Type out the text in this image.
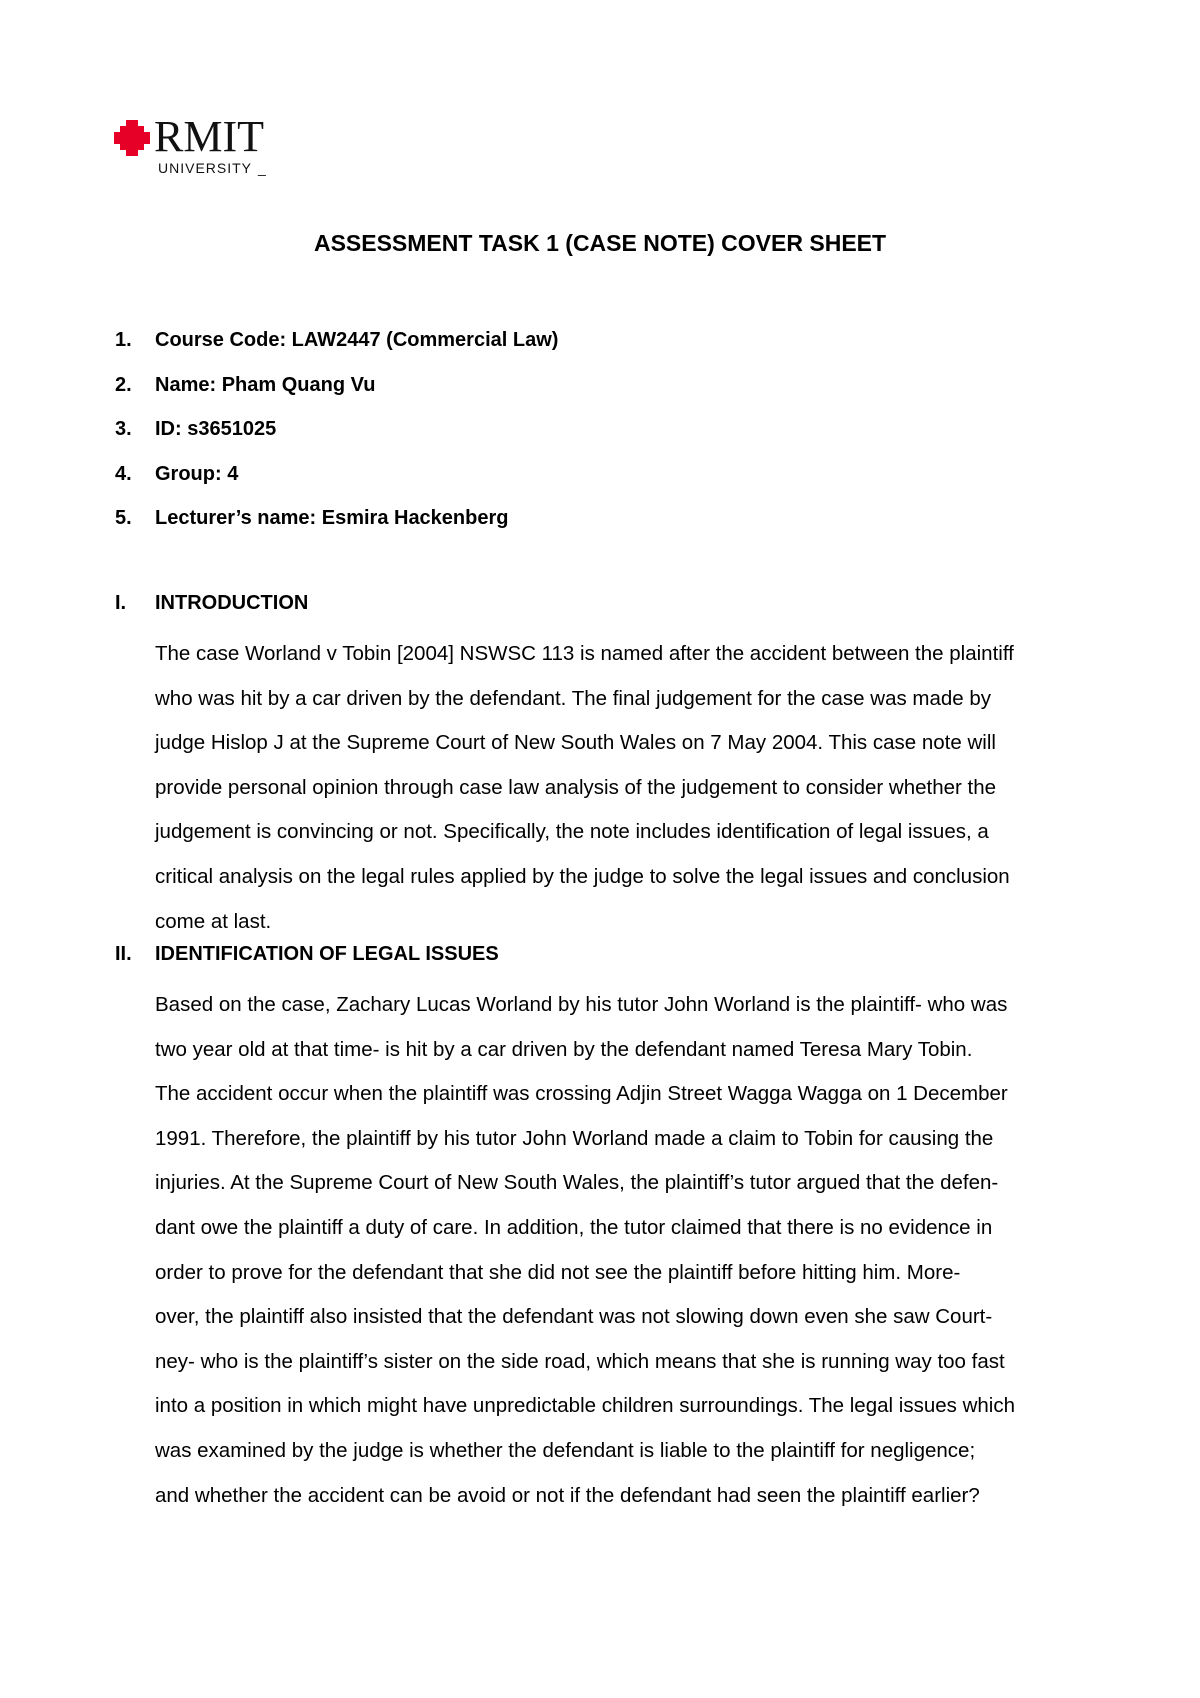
RMIT
UNIVERSITY _
ASSESSMENT TASK 1 (CASE NOTE) COVER SHEET
1.	Course Code: LAW2447 (Commercial Law)
2.	Name: Pham Quang Vu
3.	ID: s3651025
4.	Group: 4
5.	Lecturer’s name: Esmira Hackenberg
I.	INTRODUCTION

The case Worland v Tobin [2004] NSWSC 113 is named after the accident between the plaintiff
who was hit by a car driven by the defendant. The final judgement for the case was made by
judge Hislop J at the Supreme Court of New South Wales on 7 May 2004. This case note will
provide personal opinion through case law analysis of the judgement to consider whether the
judgement is convincing or not. Specifically, the note includes identification of legal issues, a
critical analysis on the legal rules applied by the judge to solve the legal issues and conclusion
come at last.

II.	IDENTIFICATION OF LEGAL ISSUES

Based on the case, Zachary Lucas Worland by his tutor John Worland is the plaintiff- who was
two year old at that time- is hit by a car driven by the defendant named Teresa Mary Tobin.
The accident occur when the plaintiff was crossing Adjin Street Wagga Wagga on 1 December
1991. Therefore, the plaintiff by his tutor John Worland made a claim to Tobin for causing the
injuries. At the Supreme Court of New South Wales, the plaintiff’s tutor argued that the defen-
dant owe the plaintiff a duty of care. In addition, the tutor claimed that there is no evidence in
order to prove for the defendant that she did not see the plaintiff before hitting him. More-
over, the plaintiff also insisted that the defendant was not slowing down even she saw Court-
ney- who is the plaintiff’s sister on the side road, which means that she is running way too fast
into a position in which might have unpredictable children surroundings. The legal issues which
was examined by the judge is whether the defendant is liable to the plaintiff for negligence;
and whether the accident can be avoid or not if the defendant had seen the plaintiff earlier?
